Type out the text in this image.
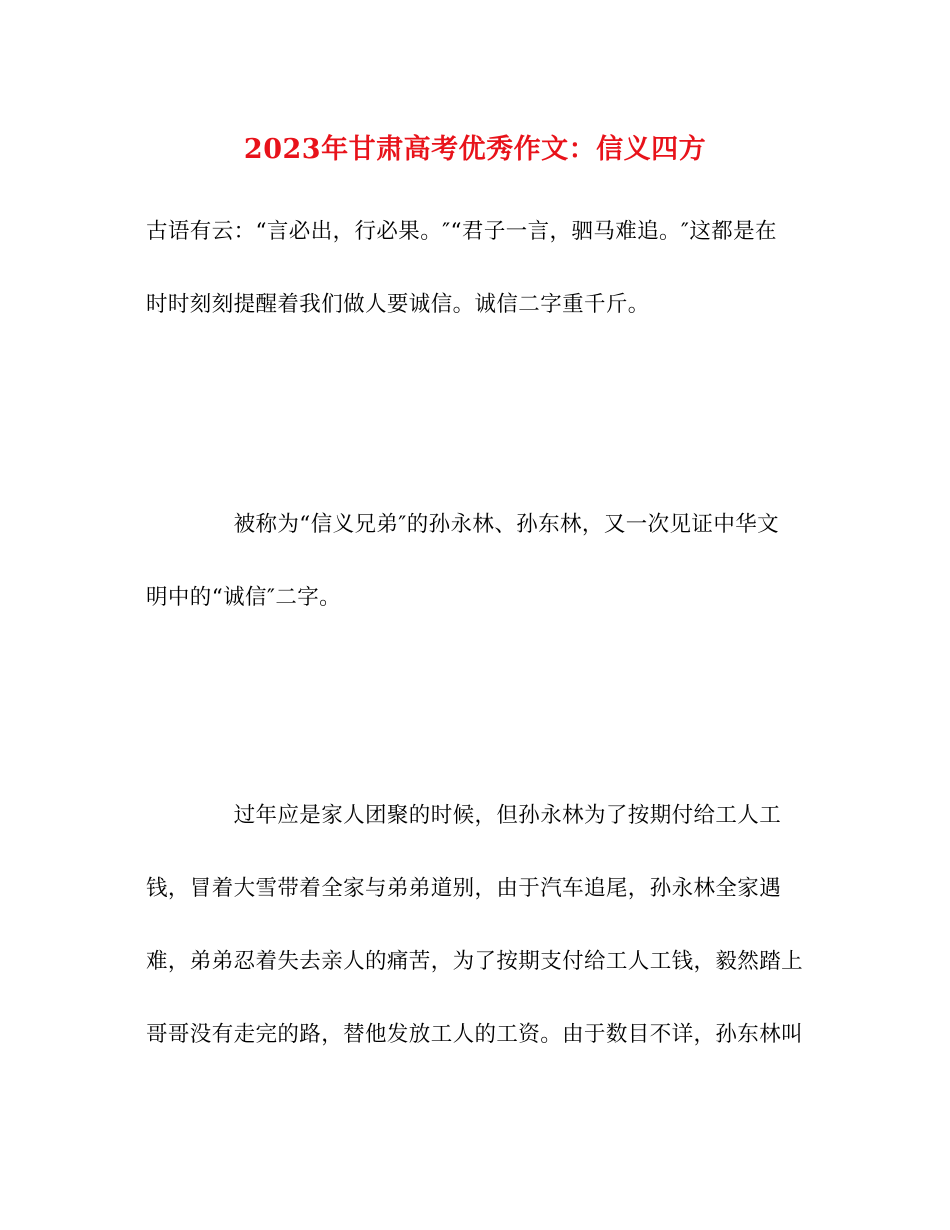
2023年甘肃高考优秀作文：信义四方
古语有云：“言必出，行必果。″“君子一言，驷马难追。″这都是在
时时刻刻提醒着我们做人要诚信。诚信二字重千斤。
　　　　被称为“信义兄弟″的孙永林、孙东林，又一次见证中华文
明中的“诚信″二字。
　　　　过年应是家人团聚的时候，但孙永林为了按期付给工人工
钱，冒着大雪带着全家与弟弟道别，由于汽车追尾，孙永林全家遇
难，弟弟忍着失去亲人的痛苦，为了按期支付给工人工钱，毅然踏上
哥哥没有走完的路，替他发放工人的工资。由于数目不详，孙东林叫
